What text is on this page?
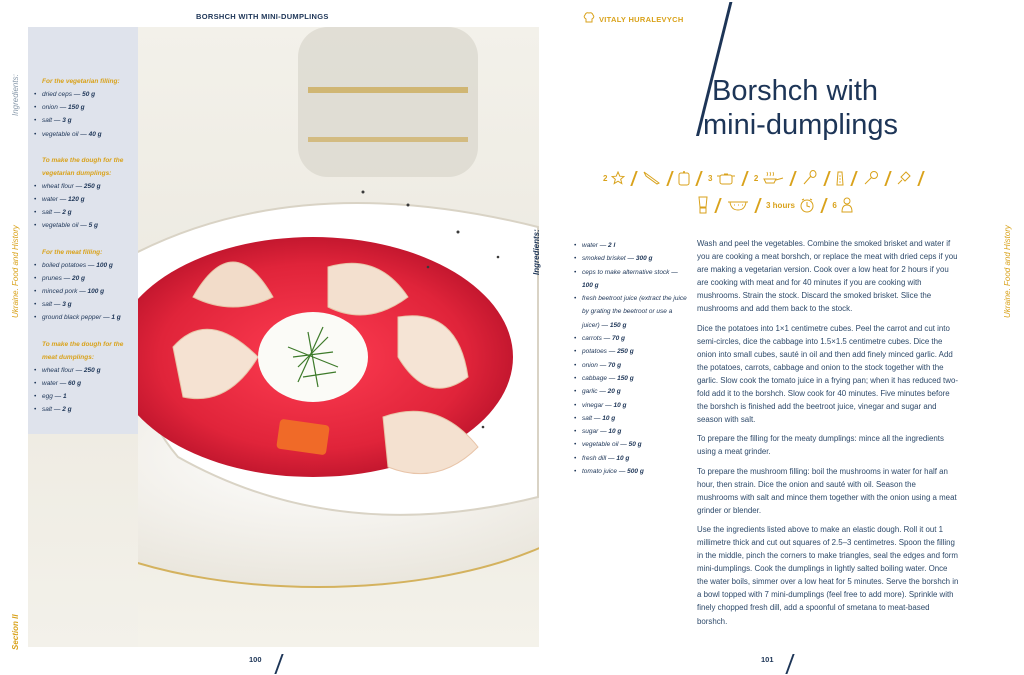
BORSHCH WITH MINI-DUMPLINGS
Ingredients:
Ukraine. Food and History
Section II
For the vegetarian filling:
• dried ceps — 50 g
• onion — 150 g
• salt — 3 g
• vegetable oil — 40 g
To make the dough for the vegetarian dumplings:
• wheat flour — 250 g
• water — 120 g
• salt — 2 g
• vegetable oil — 5 g
For the meat filling:
• boiled potatoes — 100 g
• prunes — 20 g
• minced pork — 100 g
• salt — 3 g
• ground black pepper — 1 g
To make the dough for the meat dumplings:
• wheat flour — 250 g
• water — 60 g
• egg — 1
• salt — 2 g
100
VITALY HURALEVYCH
Ingredients:	Ukraine. Food and History
Borshch with
mini-dumplings
2	3	2
3 hours	6
• water — 2 l
• smoked brisket — 300 g
• ceps to make alternative stock — 100 g
• fresh beetroot juice (extract the juice by grating the beetroot or use a juicer) — 150 g
• carrots — 70 g
• potatoes — 250 g
• onion — 70 g
• cabbage — 150 g
• garlic — 20 g
• vinegar — 10 g
• salt — 10 g
• sugar — 10 g
• vegetable oil — 50 g
• fresh dill — 10 g
• tomato juice — 500 g

Wash and peel the vegetables. Combine the smoked brisket and water if you are cooking a meat borshch, or replace the meat with dried ceps if you are making a vegetarian version. Cook over a low heat for 2 hours if you are cooking with meat and for 40 minutes if you are cooking with mushrooms. Strain the stock. Discard the smoked brisket. Slice the mushrooms and add them back to the stock.

Dice the potatoes into 1×1 centimetre cubes. Peel the carrot and cut into semi-circles, dice the cabbage into 1.5×1.5 centimetre cubes. Dice the onion into small cubes, sauté in oil and then add finely minced garlic. Add the potatoes, carrots, cabbage and onion to the stock together with the garlic. Slow cook the tomato juice in a frying pan; when it has reduced two-fold add it to the borshch. Slow cook for 40 minutes. Five minutes before the borshch is finished add the beetroot juice, vinegar and sugar and season with salt.

To prepare the filling for the meaty dumplings: mince all the ingredients using a meat grinder.

To prepare the mushroom filling: boil the mushrooms in water for half an hour, then strain. Dice the onion and sauté with oil. Season the mushrooms with salt and mince them together with the onion using a meat grinder or blender.

Use the ingredients listed above to make an elastic dough. Roll it out 1 millimetre thick and cut out squares of 2.5–3 centimetres. Spoon the filling in the middle, pinch the corners to make triangles, seal the edges and form mini-dumplings. Cook the dumplings in lightly salted boiling water. Once the water boils, simmer over a low heat for 5 minutes. Serve the borshch in a bowl topped with 7 mini-dumplings (feel free to add more). Sprinkle with finely chopped fresh dill, add a spoonful of smetana to meat-based borshch.

101
